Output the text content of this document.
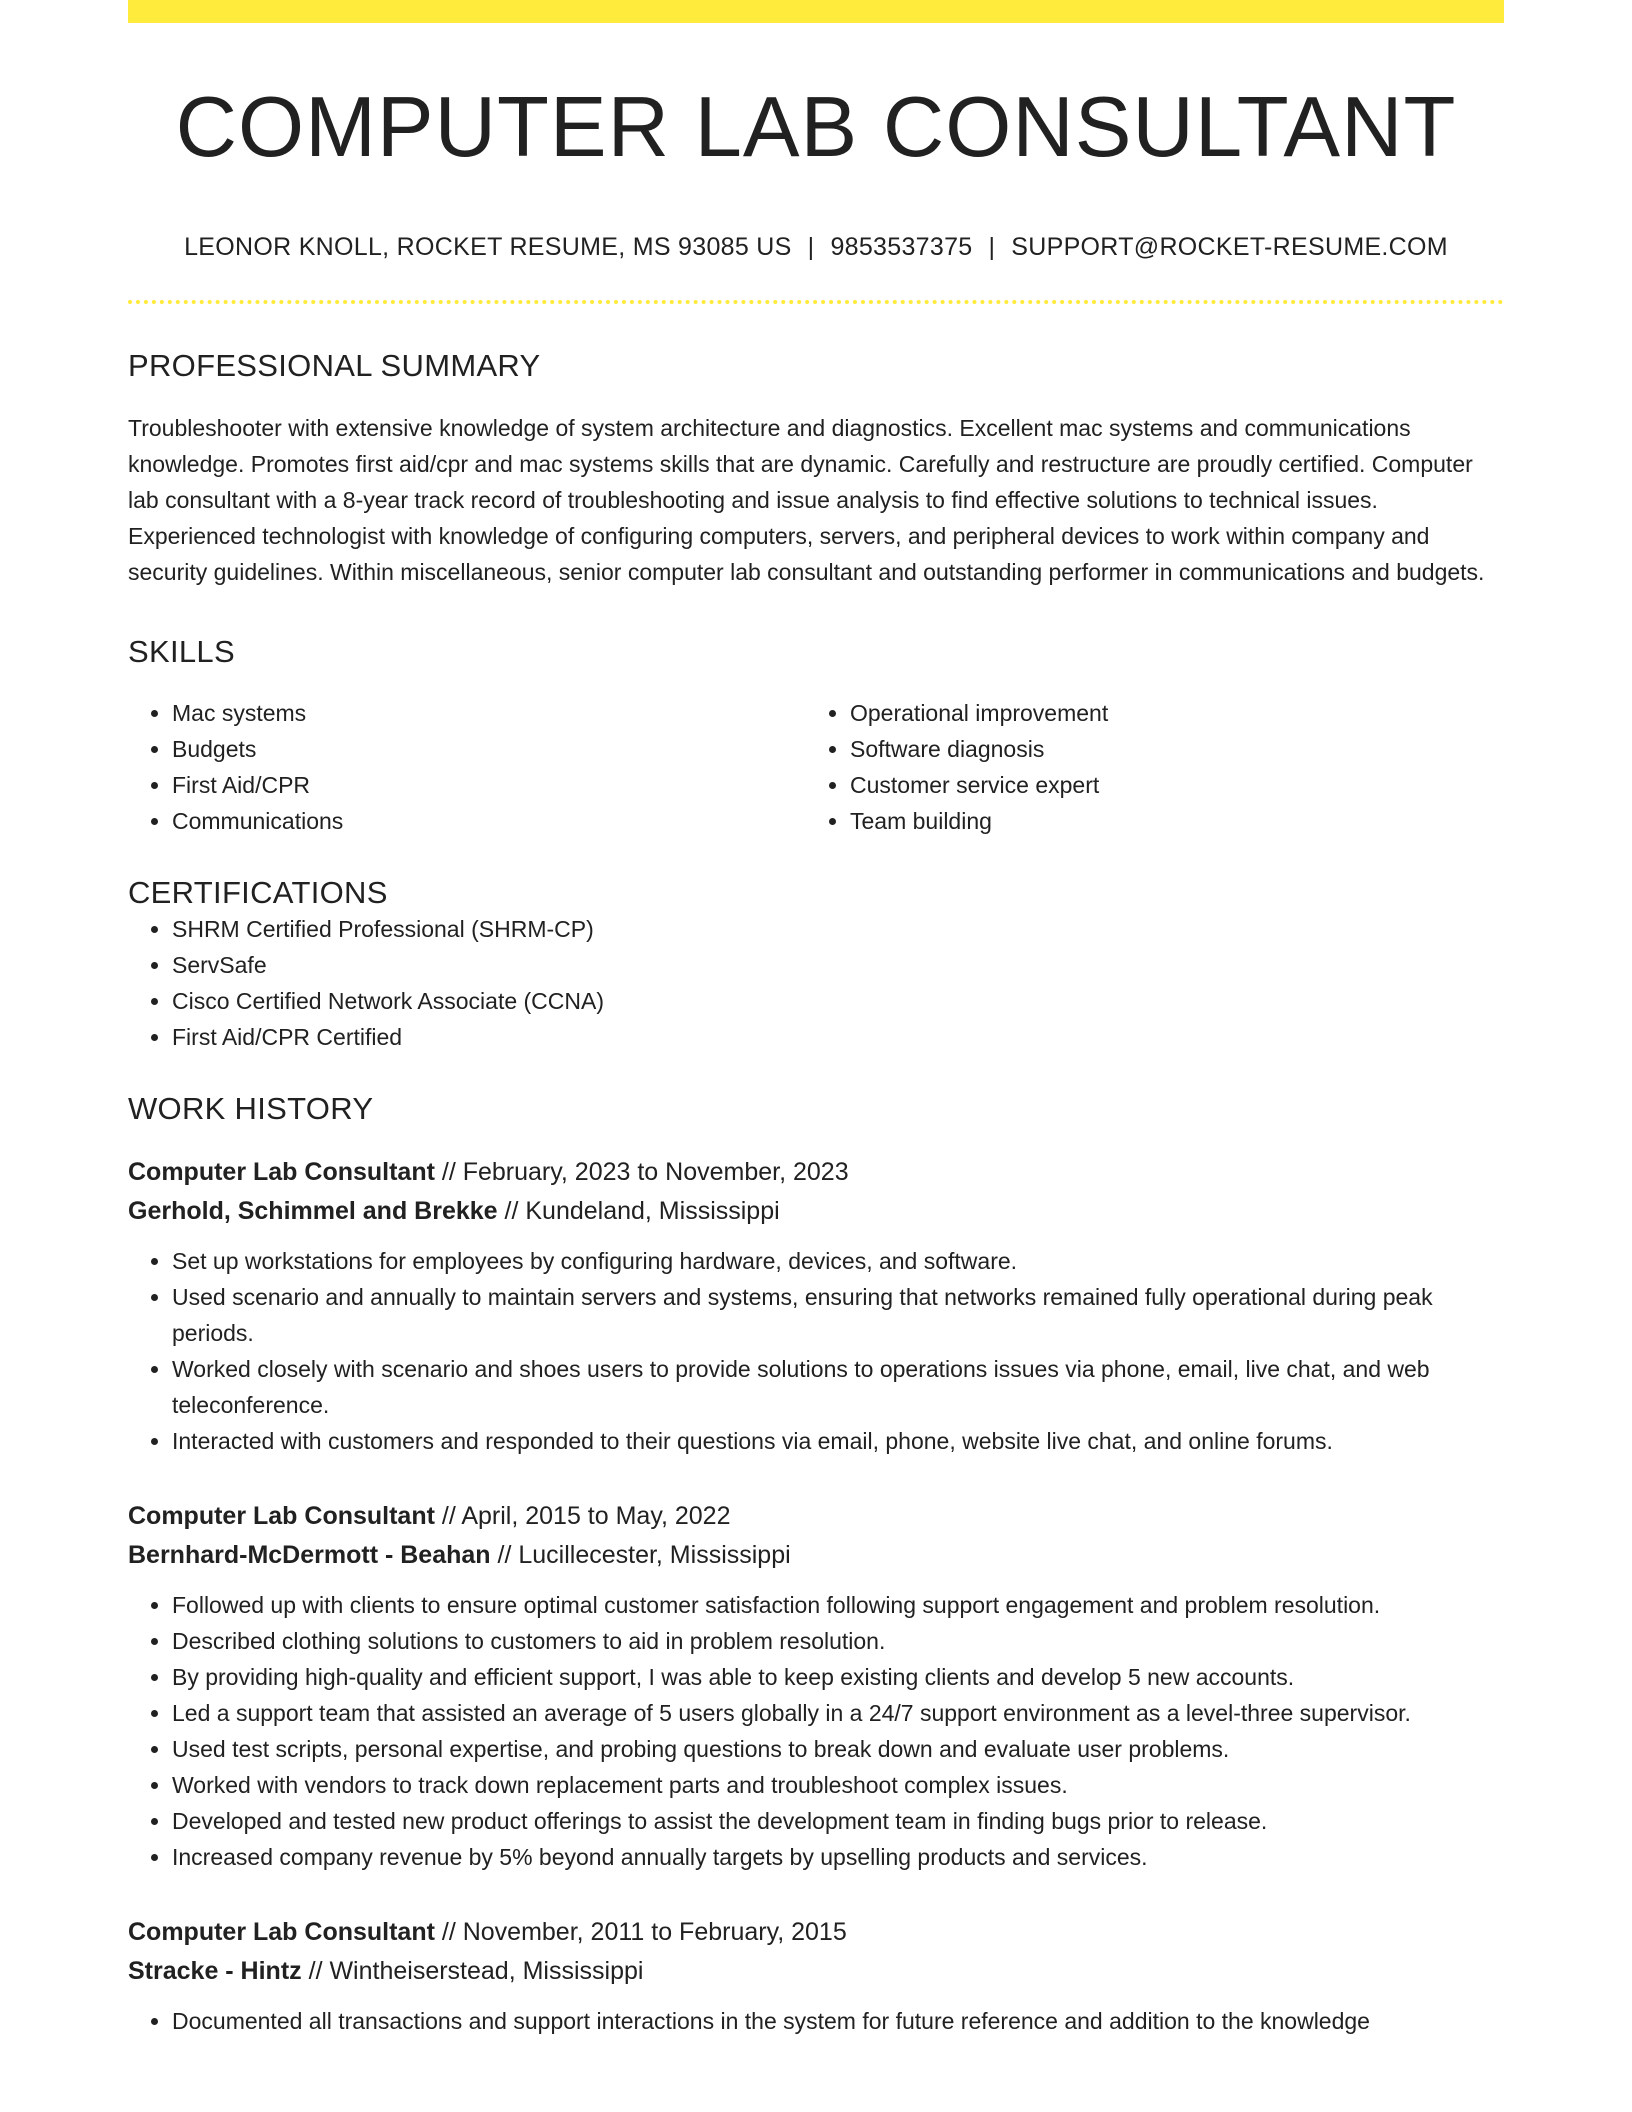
COMPUTER LAB CONSULTANT
LEONOR KNOLL, ROCKET RESUME, MS 93085 US | 9853537375 | SUPPORT@ROCKET-RESUME.COM
PROFESSIONAL SUMMARY
Troubleshooter with extensive knowledge of system architecture and diagnostics. Excellent mac systems and communications knowledge. Promotes first aid/cpr and mac systems skills that are dynamic. Carefully and restructure are proudly certified. Computer lab consultant with a 8-year track record of troubleshooting and issue analysis to find effective solutions to technical issues. Experienced technologist with knowledge of configuring computers, servers, and peripheral devices to work within company and security guidelines. Within miscellaneous, senior computer lab consultant and outstanding performer in communications and budgets.
SKILLS
• Mac systems
• Budgets
• First Aid/CPR
• Communications
• Operational improvement
• Software diagnosis
• Customer service expert
• Team building
CERTIFICATIONS
• SHRM Certified Professional (SHRM-CP)
• ServSafe
• Cisco Certified Network Associate (CCNA)
• First Aid/CPR Certified
WORK HISTORY
Computer Lab Consultant // February, 2023 to November, 2023
Gerhold, Schimmel and Brekke // Kundeland, Mississippi
• Set up workstations for employees by configuring hardware, devices, and software.
• Used scenario and annually to maintain servers and systems, ensuring that networks remained fully operational during peak periods.
• Worked closely with scenario and shoes users to provide solutions to operations issues via phone, email, live chat, and web teleconference.
• Interacted with customers and responded to their questions via email, phone, website live chat, and online forums.
Computer Lab Consultant // April, 2015 to May, 2022
Bernhard-McDermott - Beahan // Lucillecester, Mississippi
• Followed up with clients to ensure optimal customer satisfaction following support engagement and problem resolution.
• Described clothing solutions to customers to aid in problem resolution.
• By providing high-quality and efficient support, I was able to keep existing clients and develop 5 new accounts.
• Led a support team that assisted an average of 5 users globally in a 24/7 support environment as a level-three supervisor.
• Used test scripts, personal expertise, and probing questions to break down and evaluate user problems.
• Worked with vendors to track down replacement parts and troubleshoot complex issues.
• Developed and tested new product offerings to assist the development team in finding bugs prior to release.
• Increased company revenue by 5% beyond annually targets by upselling products and services.
Computer Lab Consultant // November, 2011 to February, 2015
Stracke - Hintz // Wintheiserstead, Mississippi
• Documented all transactions and support interactions in the system for future reference and addition to the knowledge
